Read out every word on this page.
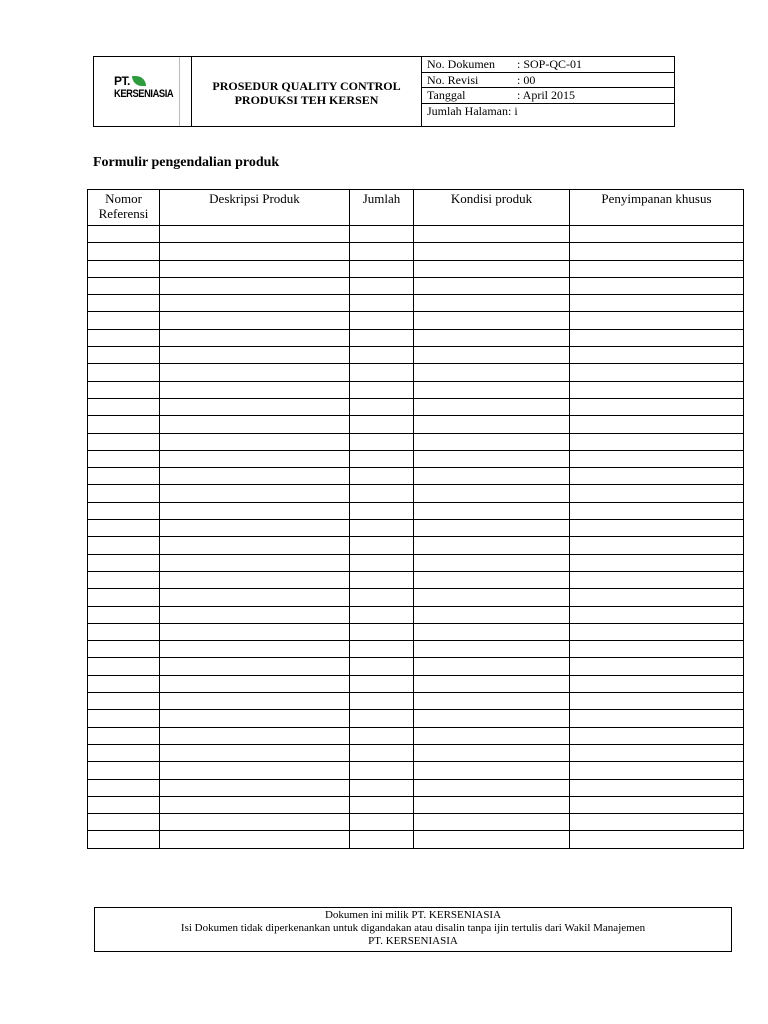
PT.
KERSENIASIA
PROSEDUR QUALITY CONTROL
PRODUKSI TEH KERSEN
No. Dokumen	: SOP-QC-01
No. Revisi	: 00
Tanggal	: April 2015
Jumlah Halaman : i
Formulir pengendalian produk
Nomor Referensi	Deskripsi Produk	Jumlah	Kondisi produk	Penyimpanan khusus

Dokumen ini milik PT. KERSENIASIA
Isi Dokumen tidak diperkenankan untuk digandakan atau disalin tanpa ijin tertulis dari Wakil Manajemen
PT. KERSENIASIA
